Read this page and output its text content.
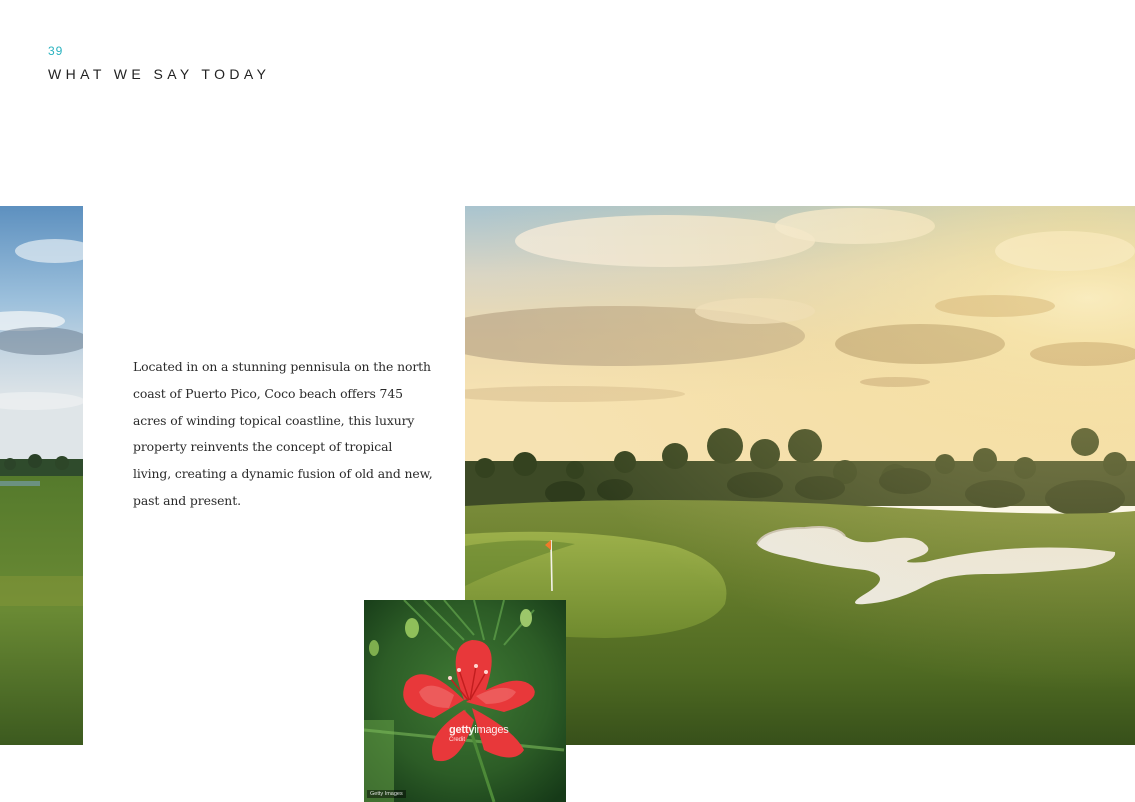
39
WHAT WE SAY TODAY

Located in on a stunning pennisula on the north coast of Puerto Pico, Coco beach offers 745 acres of winding topical coastline, this luxury property reinvents the concept of tropical living, creating a dynamic fusion of old and new, past and present.

gettyimages
Credit
Getty Images
